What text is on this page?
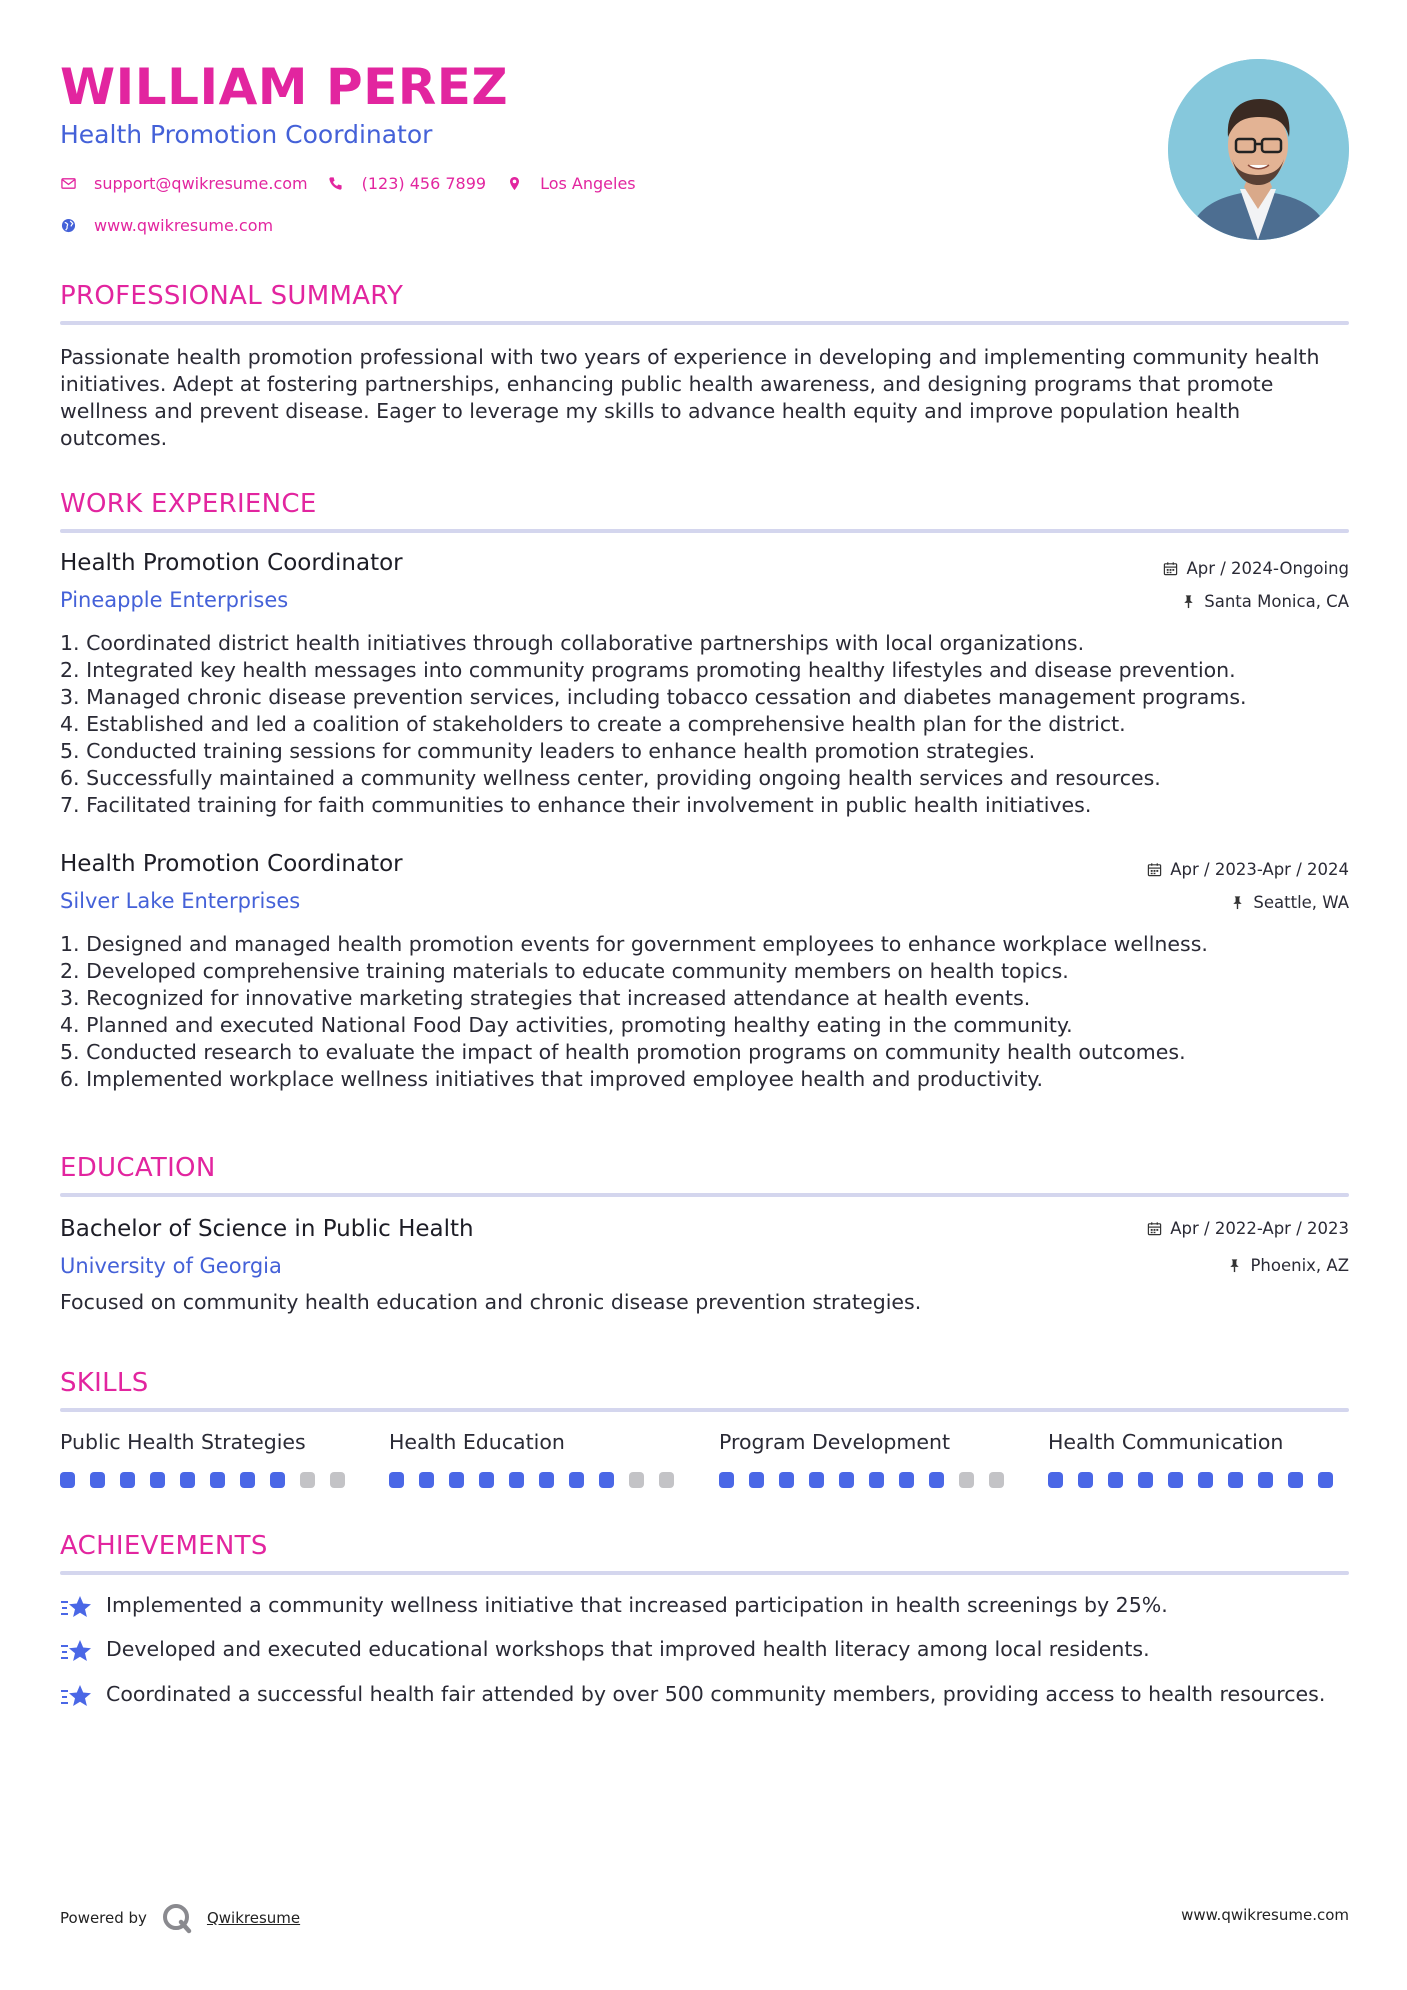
WILLIAM PEREZ
Health Promotion Coordinator
support@qwikresume.com	(123) 456 7899	Los Angeles
www.qwikresume.com
PROFESSIONAL SUMMARY
Passionate health promotion professional with two years of experience in developing and implementing community health initiatives. Adept at fostering partnerships, enhancing public health awareness, and designing programs that promote wellness and prevent disease. Eager to leverage my skills to advance health equity and improve population health outcomes.
WORK EXPERIENCE
Health Promotion Coordinator
Pineapple Enterprises
Apr / 2024-Ongoing
Santa Monica, CA
1. Coordinated district health initiatives through collaborative partnerships with local organizations.
2. Integrated key health messages into community programs promoting healthy lifestyles and disease prevention.
3. Managed chronic disease prevention services, including tobacco cessation and diabetes management programs.
4. Established and led a coalition of stakeholders to create a comprehensive health plan for the district.
5. Conducted training sessions for community leaders to enhance health promotion strategies.
6. Successfully maintained a community wellness center, providing ongoing health services and resources.
7. Facilitated training for faith communities to enhance their involvement in public health initiatives.
Health Promotion Coordinator
Silver Lake Enterprises
Apr / 2023-Apr / 2024
Seattle, WA
1. Designed and managed health promotion events for government employees to enhance workplace wellness.
2. Developed comprehensive training materials to educate community members on health topics.
3. Recognized for innovative marketing strategies that increased attendance at health events.
4. Planned and executed National Food Day activities, promoting healthy eating in the community.
5. Conducted research to evaluate the impact of health promotion programs on community health outcomes.
6. Implemented workplace wellness initiatives that improved employee health and productivity.
EDUCATION
Bachelor of Science in Public Health
University of Georgia
Apr / 2022-Apr / 2023
Phoenix, AZ
Focused on community health education and chronic disease prevention strategies.
SKILLS
Public Health Strategies	Health Education	Program Development	Health Communication
ACHIEVEMENTS
Implemented a community wellness initiative that increased participation in health screenings by 25%.
Developed and executed educational workshops that improved health literacy among local residents.
Coordinated a successful health fair attended by over 500 community members, providing access to health resources.
Powered by	Qwikresume	www.qwikresume.com
